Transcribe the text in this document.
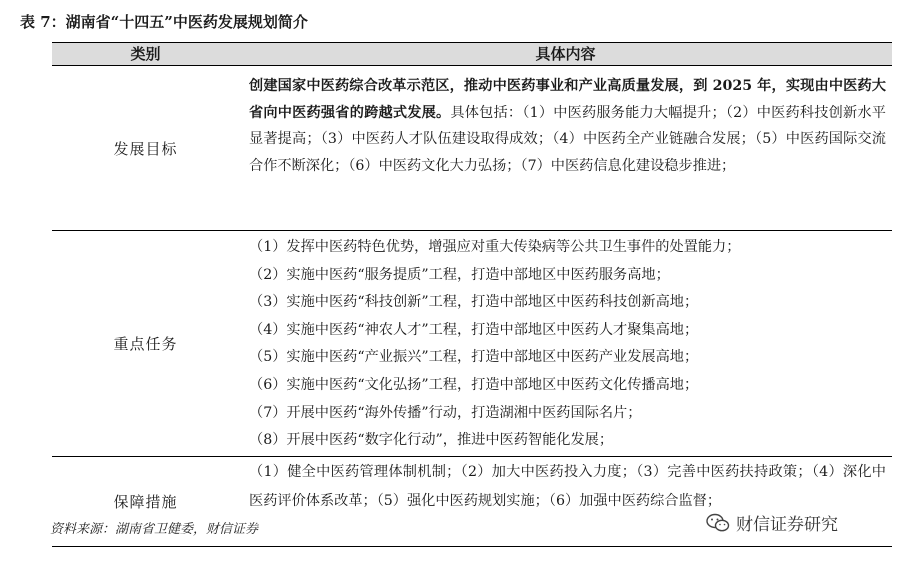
表 7：湖南省“十四五”中医药发展规划简介
类别	具体内容
发展目标

创建国家中医药综合改革示范区，推动中医药事业和产业高质量发展，到 2025 年，实现由中医药大省向中医药强省的跨越式发展。具体包括：（1）中医药服务能力大幅提升；（2）中医药科技创新水平显著提高；（3）中医药人才队伍建设取得成效；（4）中医药全产业链融合发展；（5）中医药国际交流合作不断深化；（6）中医药文化大力弘扬；（7）中医药信息化建设稳步推进；

重点任务
（1）发挥中医药特色优势，增强应对重大传染病等公共卫生事件的处置能力；
（2）实施中医药“服务提质”工程，打造中部地区中医药服务高地；
（3）实施中医药“科技创新”工程，打造中部地区中医药科技创新高地；
（4）实施中医药“神农人才”工程，打造中部地区中医药人才聚集高地；
（5）实施中医药“产业振兴”工程，打造中部地区中医药产业发展高地；
（6）实施中医药“文化弘扬”工程，打造中部地区中医药文化传播高地；
（7）开展中医药“海外传播”行动，打造湖湘中医药国际名片；
（8）开展中医药“数字化行动”，推进中医药智能化发展；
保障措施

（1）健全中医药管理体制机制；（2）加大中医药投入力度；（3）完善中医药扶持政策；（4）深化中医药评价体系改革；（5）强化中医药规划实施；（6）加强中医药综合监督；

资料来源：湖南省卫健委，财信证券	财信证券研究
